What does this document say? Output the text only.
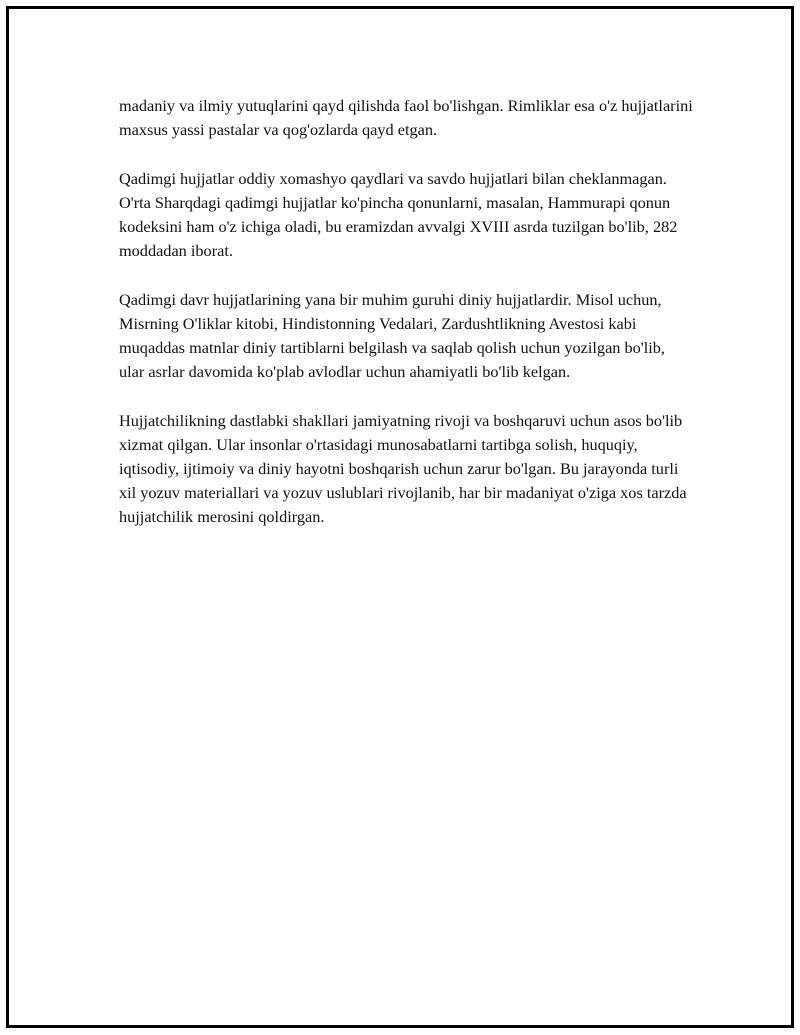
madaniy va ilmiy yutuqlarini qayd qilishda faol bo'lishgan. Rimliklar esa o'z hujjatlarini maxsus yassi pastalar va qog'ozlarda qayd etgan.

Qadimgi hujjatlar oddiy xomashyo qaydlari va savdo hujjatlari bilan cheklanmagan. O'rta Sharqdagi qadimgi hujjatlar ko'pincha qonunlarni, masalan, Hammurapi qonun kodeksini ham o'z ichiga oladi, bu eramizdan avvalgi XVIII asrda tuzilgan bo'lib, 282 moddadan iborat.

Qadimgi davr hujjatlarining yana bir muhim guruhi diniy hujjatlardir. Misol uchun, Misrning O'liklar kitobi, Hindistonning Vedalari, Zardushtlikning Avestosi kabi muqaddas matnlar diniy tartiblarni belgilash va saqlab qolish uchun yozilgan bo'lib, ular asrlar davomida ko'plab avlodlar uchun ahamiyatli bo'lib kelgan.

Hujjatchilikning dastlabki shakllari jamiyatning rivoji va boshqaruvi uchun asos bo'lib xizmat qilgan. Ular insonlar o'rtasidagi munosabatlarni tartibga solish, huquqiy, iqtisodiy, ijtimoiy va diniy hayotni boshqarish uchun zarur bo'lgan. Bu jarayonda turli xil yozuv materiallari va yozuv uslublari rivojlanib, har bir madaniyat o'ziga xos tarzda hujjatchilik merosini qoldirgan.
